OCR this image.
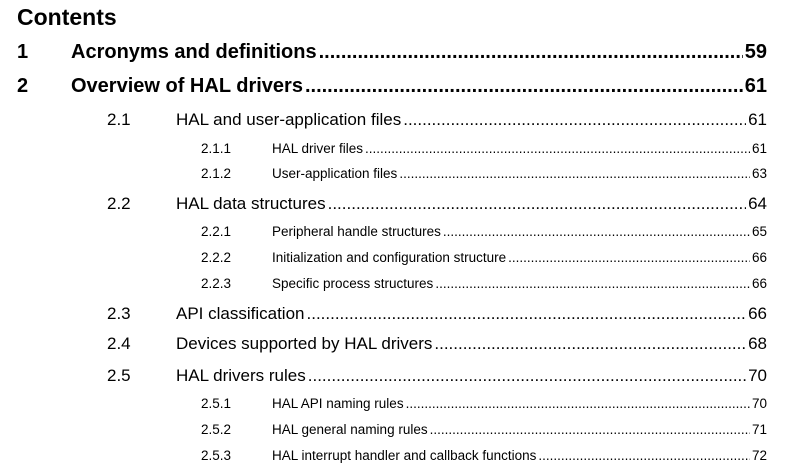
Contents
1	Acronyms and definitions .....	59
2	Overview of HAL drivers .....	61
2.1	HAL and user-application files .....	61
2.1.1	HAL driver files .....	61
2.1.2	User-application files .....	63
2.2	HAL data structures .....	64
2.2.1	Peripheral handle structures .....	65
2.2.2	Initialization and configuration structure .....	66
2.2.3	Specific process structures .....	66
2.3	API classification .....	66
2.4	Devices supported by HAL drivers .....	68
2.5	HAL drivers rules .....	70
2.5.1	HAL API naming rules .....	70
2.5.2	HAL general naming rules .....	71
2.5.3	HAL interrupt handler and callback functions .....	72
